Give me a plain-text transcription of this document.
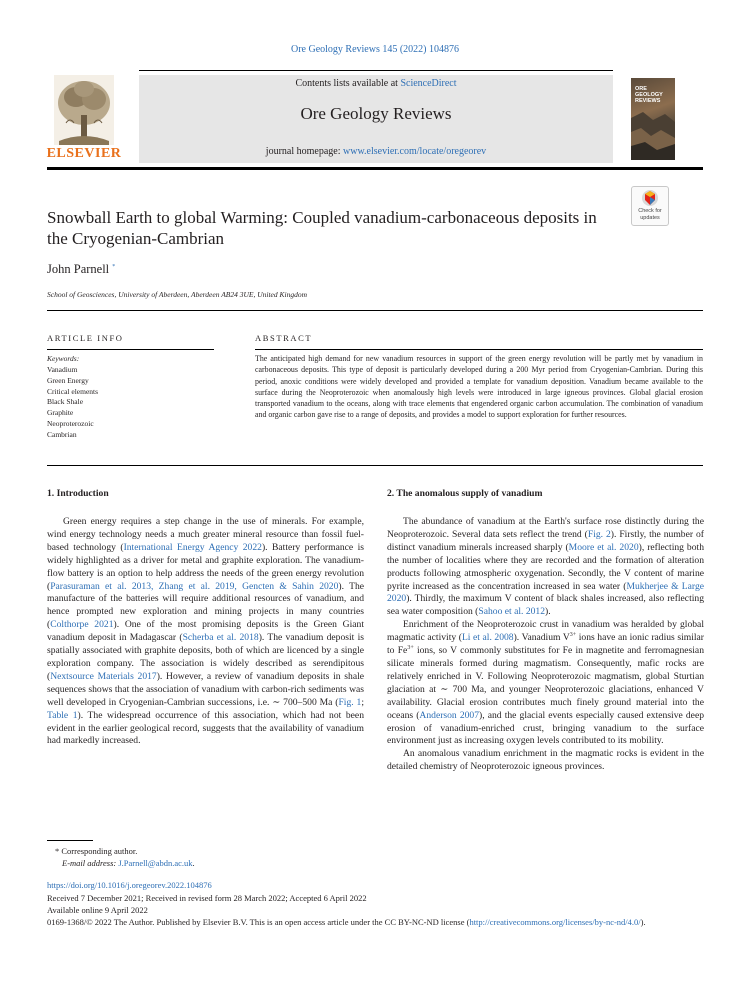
Ore Geology Reviews 145 (2022) 104876
ELSEVIER
Contents lists available at ScienceDirect
Ore Geology Reviews
journal homepage: www.elsevier.com/locate/oregeorev
ORE GEOLOGY REVIEWS
Check for updates
Snowball Earth to global Warming: Coupled vanadium-carbonaceous deposits in the Cryogenian-Cambrian
John Parnell *
School of Geosciences, University of Aberdeen, Aberdeen AB24 3UE, United Kingdom
ARTICLE INFO
Keywords:
Vanadium
Green Energy
Critical elements
Black Shale
Graphite
Neoproterozoic
Cambrian
ABSTRACT
The anticipated high demand for new vanadium resources in support of the green energy revolution will be partly met by vanadium in carbonaceous deposits. This type of deposit is particularly developed during a 200 Myr period from Cryogenian-Cambrian. During this period, anoxic conditions were widely developed and provided a template for vanadium deposition. Vanadium became available to the surface during the Neoproterozoic when anomalously high levels were introduced in large igneous provinces. Global glacial erosion transported vanadium to the oceans, along with trace elements that engendered organic carbon accumulation. The combination of vanadium and organic carbon gave rise to a range of deposits, and provides a model to support exploration for further resources.
1. Introduction

Green energy requires a step change in the use of minerals. For example, wind energy technology needs a much greater mineral resource than fossil fuel-based technology (International Energy Agency 2022). Battery performance is widely highlighted as a driver for metal and graphite exploration. The vanadium-flow battery is an option to help address the needs of the green energy revolution (Parasuraman et al. 2013, Zhang et al. 2019, Gencten & Sahin 2020). The manufacture of the batteries will require additional resources of vanadium, and hence prompted new exploration and mining projects in many countries (Colthorpe 2021). One of the most promising deposits is the Green Giant vanadium deposit in Madagascar (Scherba et al. 2018). The vanadium deposit is spatially associated with graphite deposits, both of which are licenced by a single exploration company. The association is widely described as serendipitous (Nextsource Materials 2017). However, a review of vanadium deposits in shale sequences shows that the association of vanadium with carbon-rich sediments was well developed in Cryogenian-Cambrian successions, i.e. ∼ 700–500 Ma (Fig. 1; Table 1). The widespread occurrence of this association, which had not been evident in the earlier geological record, suggests that the availability of vanadium had markedly increased.

2. The anomalous supply of vanadium

The abundance of vanadium at the Earth's surface rose distinctly during the Neoproterozoic. Several data sets reflect the trend (Fig. 2). Firstly, the number of distinct vanadium minerals increased sharply (Moore et al. 2020), reflecting both the number of localities where they are recorded and the formation of alteration products following atmospheric oxygenation. Secondly, the V content of marine pyrite increased as the concentration increased in sea water (Mukherjee & Large 2020). Thirdly, the maximum V content of black shales increased, also reflecting sea water composition (Sahoo et al. 2012).

Enrichment of the Neoproterozoic crust in vanadium was heralded by global magmatic activity (Li et al. 2008). Vanadium $V^{3+}$ ions have an ionic radius similar to $Fe^{3+}$ ions, so V commonly substitutes for Fe in magnetite and ferromagnesian silicate minerals formed during magmatism. Consequently, mafic rocks are relatively enriched in V. Following Neoproterozoic magmatism, global Sturtian glaciation at ∼ 700 Ma, and younger Neoproterozoic glaciations, enhanced V availability. Glacial erosion contributes much finely ground material into the oceans (Anderson 2007), and the glacial events especially caused extensive deep erosion of vanadium-enriched crust, bringing vanadium to the surface environment just as increasing oxygen levels contributed to its mobility.

An anomalous vanadium enrichment in the magmatic rocks is evident in the detailed chemistry of Neoproterozoic igneous provinces.

* Corresponding author.
E-mail address: J.Parnell@abdn.ac.uk.
https://doi.org/10.1016/j.oregeorev.2022.104876
Received 7 December 2021; Received in revised form 28 March 2022; Accepted 6 April 2022
Available online 9 April 2022
0169-1368/© 2022 The Author. Published by Elsevier B.V. This is an open access article under the CC BY-NC-ND license (http://creativecommons.org/licenses/by-nc-nd/4.0/).
